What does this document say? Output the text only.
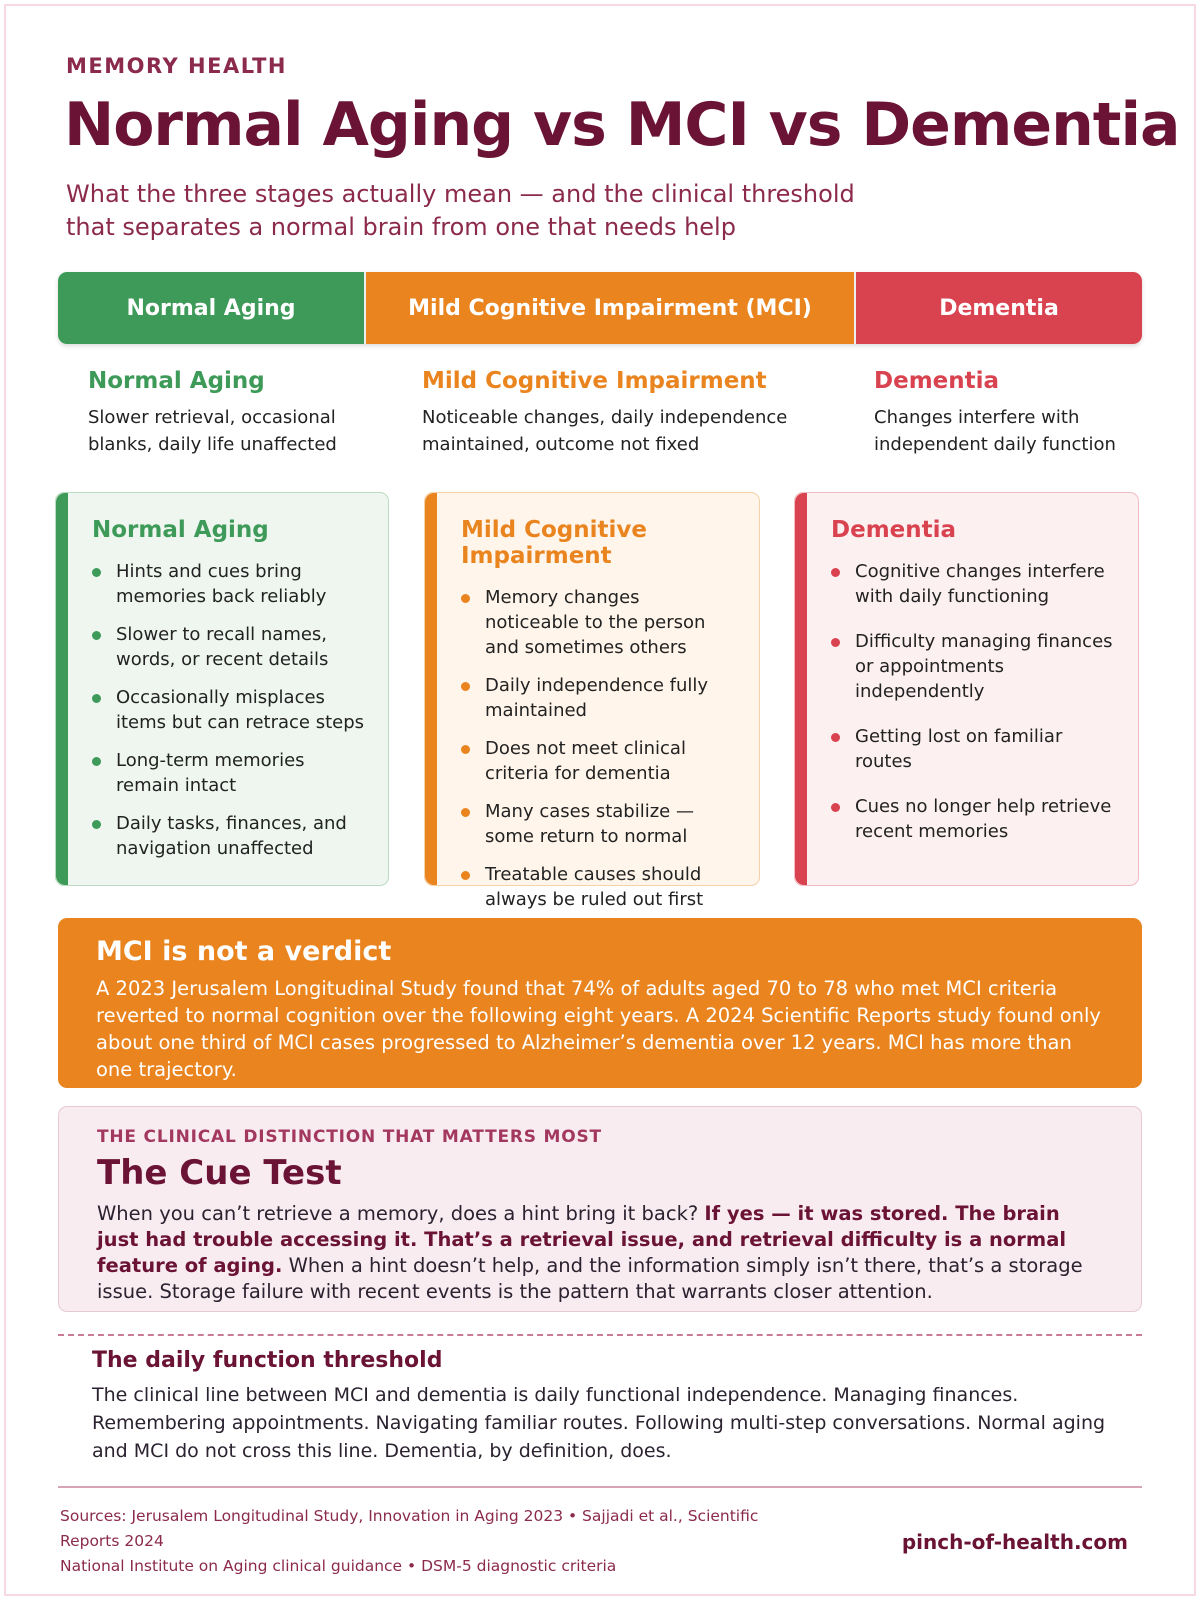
MEMORY HEALTH
Normal Aging vs MCI vs Dementia

What the three stages actually mean — and the clinical threshold that separates a normal brain from one that needs help

Normal Aging	Mild Cognitive Impairment (MCI)	Dementia
Normal Aging

Slower retrieval, occasional blanks, daily life unaffected

Mild Cognitive Impairment

Noticeable changes, daily independence maintained, outcome not fixed

Dementia

Changes interfere with independent daily function

Normal Aging
Hints and cues bring memories back reliably
Slower to recall names, words, or recent details
Occasionally misplaces items but can retrace steps
Long-term memories remain intact
Daily tasks, finances, and navigation unaffected
Mild Cognitive Impairment
Memory changes noticeable to the person and sometimes others
Daily independence fully maintained
Does not meet clinical criteria for dementia
Many cases stabilize — some return to normal
Treatable causes should always be ruled out first
Dementia
Cognitive changes interfere with daily functioning
Difficulty managing finances or appointments independently
Getting lost on familiar routes
Cues no longer help retrieve recent memories
MCI is not a verdict

A 2023 Jerusalem Longitudinal Study found that 74% of adults aged 70 to 78 who met MCI criteria reverted to normal cognition over the following eight years. A 2024 Scientific Reports study found only about one third of MCI cases progressed to Alzheimer’s dementia over 12 years. MCI has more than one trajectory.

THE CLINICAL DISTINCTION THAT MATTERS MOST
The Cue Test

When you can’t retrieve a memory, does a hint bring it back? If yes — it was stored. The brain just had trouble accessing it. That’s a retrieval issue, and retrieval difficulty is a normal feature of aging. When a hint doesn’t help, and the information simply isn’t there, that’s a storage issue. Storage failure with recent events is the pattern that warrants closer attention.

The daily function threshold

The clinical line between MCI and dementia is daily functional independence. Managing finances. Remembering appointments. Navigating familiar routes. Following multi-step conversations. Normal aging and MCI do not cross this line. Dementia, by definition, does.

Sources: Jerusalem Longitudinal Study, Innovation in Aging 2023 • Sajjadi et al., Scientific Reports 2024
National Institute on Aging clinical guidance • DSM-5 diagnostic criteria
pinch-of-health.com
